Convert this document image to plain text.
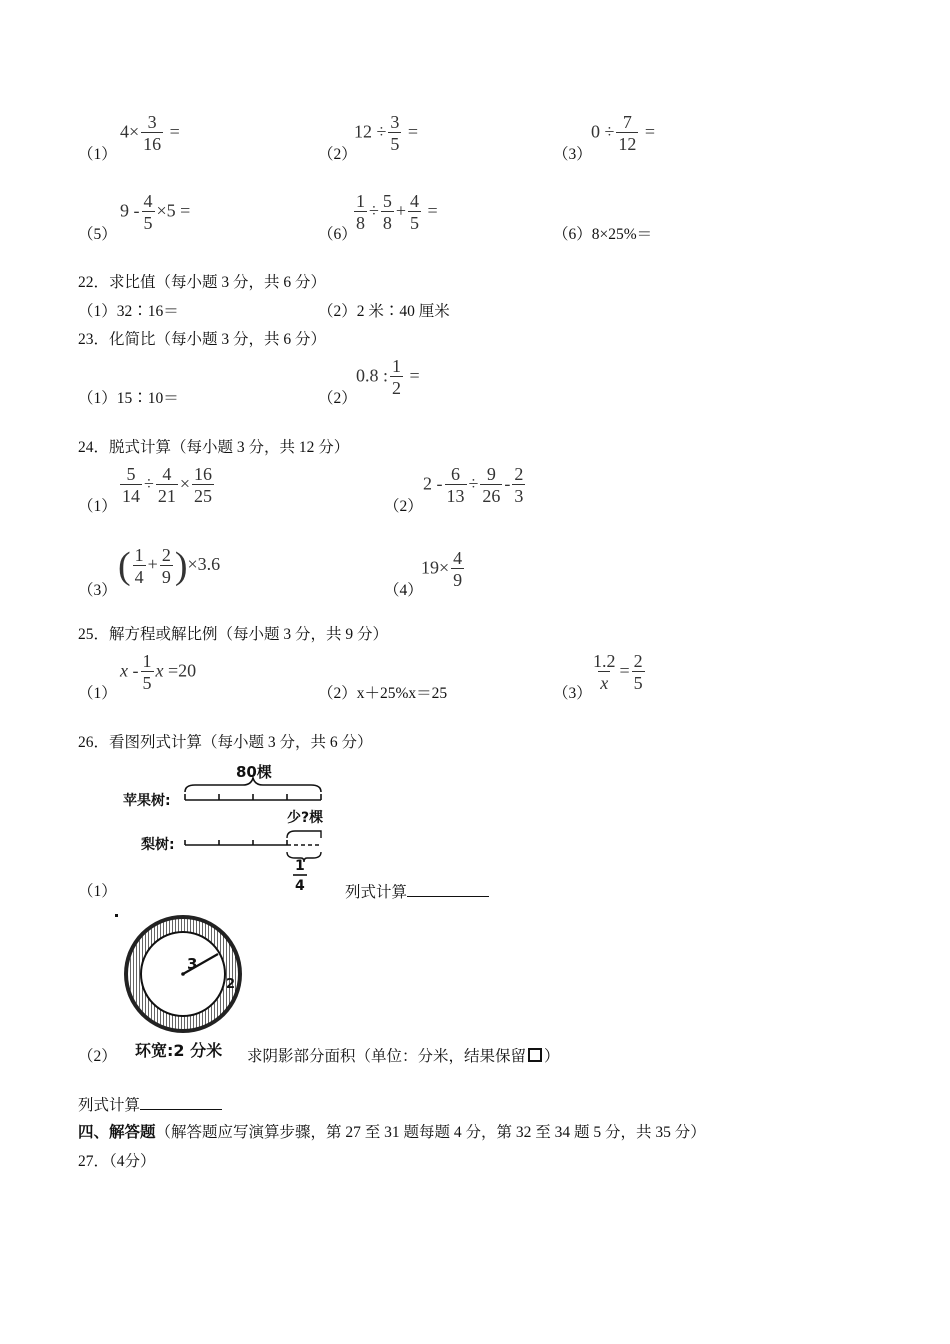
（1）
$4\times \frac{3}{16}$ =
（2）
$12 \div \frac{3}{5}$ =
（3）
$0 \div \frac{7}{12}$ =
（5）
$9 - \frac{4}{5} \times 5$ =
（6）
$\frac{1}{8} \div \frac{5}{8} + \frac{4}{5}$ =
（6）8×25%＝
22．求比值（每小题 3 分，共 6 分）
（1）32∶16＝	（2）2 米∶40 厘米
23．化简比（每小题 3 分，共 6 分）
（1）15∶10＝	（2）
0.8 : $\frac{1}{2}$ =
24．脱式计算（每小题 3 分，共 12 分）
$(1) \frac{5}{14} \div \frac{4}{21} \times \frac{16}{25}$	（2）
$2 - \frac{6}{13} \div \frac{9}{26} - \frac{2}{3}$
（3）
( $\frac{1}{4} + \frac{2}{9} )\times 3.6$
（4）
$19\times \frac{4}{9}$
25．解方程或解比例（每小题 3 分，共 9 分）
（1）
x - $\frac{1}{5}$ x =20
（2）x＋25%x＝25	$(3) \frac{1.2}{x} = \frac{2}{5}$
26．看图列式计算（每小题 3 分，共 6 分）
80棵
苹果树:
梨树:
少?棵
1
4
（1）	列式计算
3
2
（2） 环宽:2 分米 求阴影部分面积（单位：分米，结果保留 ）
列式计算
四、解答题（解答题应写演算步骤，第 27 至 31 题每题 4 分，第 32 至 34 题 5 分，共 35 分）
27．（4分）
